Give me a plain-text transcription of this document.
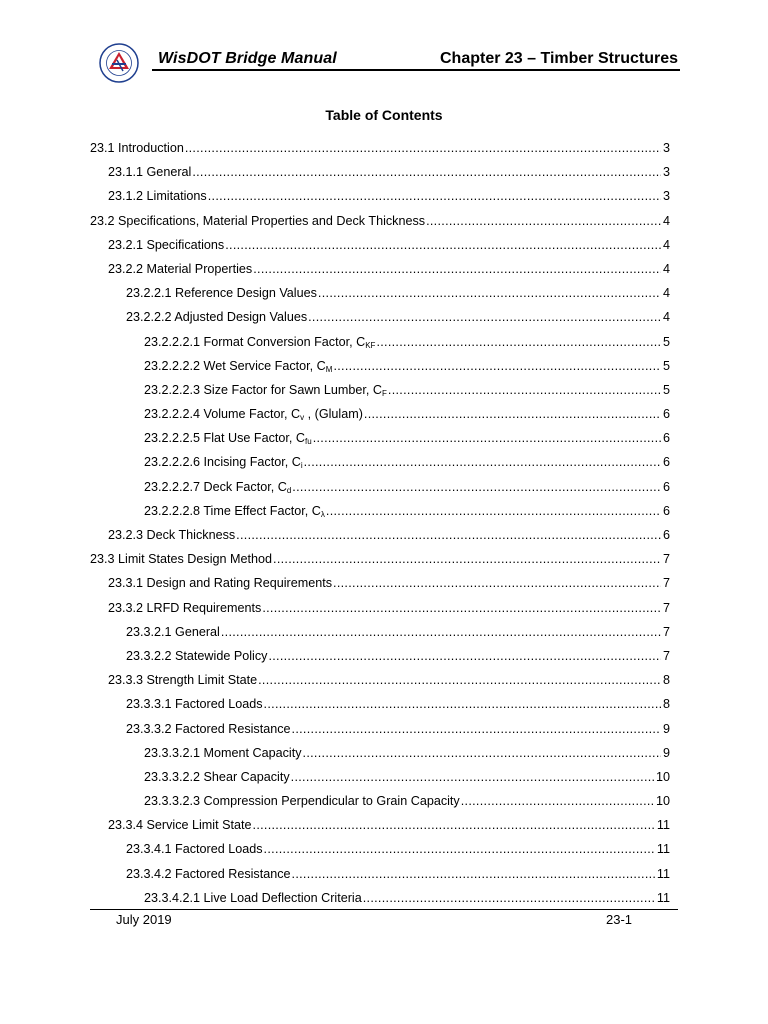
WisDOT Bridge Manual	Chapter 23 – Timber Structures
Table of Contents
23.1 Introduction .....	3
23.1.1 General .....	3
23.1.2 Limitations .....	3
23.2 Specifications, Material Properties and Deck Thickness .....	4
23.2.1 Specifications .....	4
23.2.2 Material Properties .....	4
23.2.2.1 Reference Design Values .....	4
23.2.2.2 Adjusted Design Values .....	4
23.2.2.2.1 Format Conversion Factor, $C_{KF}$ .....	5
23.2.2.2.2 Wet Service Factor, $C_M$ .....	5
23.2.2.2.3 Size Factor for Sawn Lumber, $C_F$ .....	5
23.2.2.2.4 Volume Factor, $C_v$ , (Glulam) .....	6
23.2.2.2.5 Flat Use Factor, $C_{fu}$ .....	6
23.2.2.2.6 Incising Factor, $C_i$ .....	6
23.2.2.2.7 Deck Factor, $C_d$ .....	6
23.2.2.2.8 Time Effect Factor, $C_\lambda$ .....	6
23.2.3 Deck Thickness .....	6
23.3 Limit States Design Method .....	7
23.3.1 Design and Rating Requirements .....	7
23.3.2 LRFD Requirements .....	7
23.3.2.1 General .....	7
23.3.2.2 Statewide Policy .....	7
23.3.3 Strength Limit State .....	8
23.3.3.1 Factored Loads .....	8
23.3.3.2 Factored Resistance .....	9
23.3.3.2.1 Moment Capacity .....	9
23.3.3.2.2 Shear Capacity .....	10
23.3.3.2.3 Compression Perpendicular to Grain Capacity .....	10
23.3.4 Service Limit State .....	11
23.3.4.1 Factored Loads .....	11
23.3.4.2 Factored Resistance .....	11
23.3.4.2.1 Live Load Deflection Criteria .....	11
July 2019	23-1
